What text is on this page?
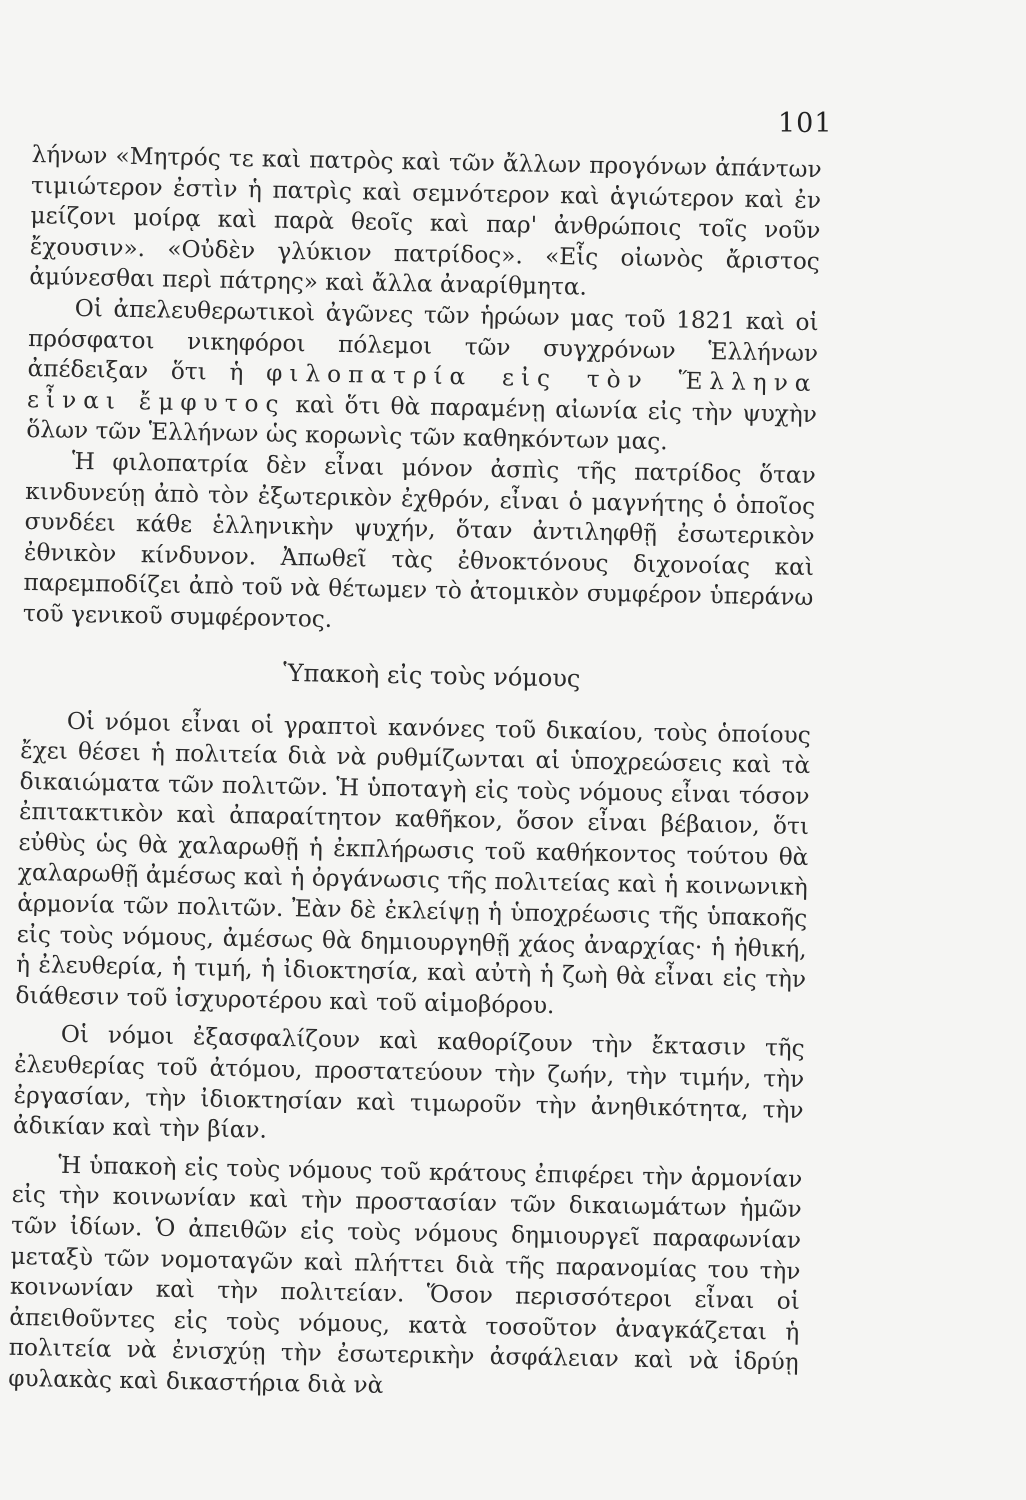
101

λήνων «Μητρός τε καὶ πατρὸς καὶ τῶν ἄλλων προγόνων ἀπάντων τιμιώτερον ἐστὶν ἡ πατρὶς καὶ σεμνότερον καὶ ἁγιώτερον καὶ ἐν μείζονι μοίρᾳ καὶ παρὰ θεοῖς καὶ παρ' ἀνθρώποις τοῖς νοῦν ἔχουσιν». «Οὐδὲν γλύκιον πατρίδος». «Εἷς οἰωνὸς ἄριστος ἀμύνεσθαι περὶ πάτρης» καὶ ἄλλα ἀναρίθμητα.

Οἱ ἀπελευθερωτικοὶ ἀγῶνες τῶν ἡρώων μας τοῦ 1821 καὶ οἱ πρόσφατοι νικηφόροι πόλεμοι τῶν συγχρόνων Ἑλλήνων ἀπέδειξαν ὅτι ἡ φιλοπατρία εἰς τὸν Ἕλληνα εἶναι ἔμφυτος καὶ ὅτι θὰ παραμένῃ αἰωνία εἰς τὴν ψυχὴν ὅλων τῶν Ἑλλήνων ὡς κορωνὶς τῶν καθηκόντων μας.

Ἡ φιλοπατρία δὲν εἶναι μόνον ἀσπὶς τῆς πατρίδος ὅταν κινδυνεύῃ ἀπὸ τὸν ἐξωτερικὸν ἐχθρόν, εἶναι ὁ μαγνήτης ὁ ὁποῖος συνδέει κάθε ἑλληνικὴν ψυχήν, ὅταν ἀντιληφθῇ ἐσωτερικὸν ἐθνικὸν κίνδυνον. Ἀπωθεῖ τὰς ἐθνοκτόνους διχονοίας καὶ παρεμποδίζει ἀπὸ τοῦ νὰ θέτωμεν τὸ ἀτομικὸν συμφέρον ὑπεράνω τοῦ γενικοῦ συμφέροντος.

Ὑπακοὴ εἰς τοὺς νόμους

Οἱ νόμοι εἶναι οἱ γραπτοὶ κανόνες τοῦ δικαίου, τοὺς ὁποίους ἔχει θέσει ἡ πολιτεία διὰ νὰ ρυθμίζωνται αἱ ὑποχρεώσεις καὶ τὰ δικαιώματα τῶν πολιτῶν. Ἡ ὑποταγὴ εἰς τοὺς νόμους εἶναι τόσον ἐπιτακτικὸν καὶ ἀπαραίτητον καθῆκον, ὅσον εἶναι βέβαιον, ὅτι εὐθὺς ὡς θὰ χαλαρωθῇ ἡ ἐκπλήρωσις τοῦ καθήκοντος τούτου θὰ χαλαρωθῇ ἀμέσως καὶ ἡ ὀργάνωσις τῆς πολιτείας καὶ ἡ κοινωνικὴ ἁρμονία τῶν πολιτῶν. Ἐὰν δὲ ἐκλείψῃ ἡ ὑποχρέωσις τῆς ὑπακοῆς εἰς τοὺς νόμους, ἀμέσως θὰ δημιουργηθῇ χάος ἀναρχίας· ἡ ἠθική, ἡ ἐλευθερία, ἡ τιμή, ἡ ἰδιοκτησία, καὶ αὐτὴ ἡ ζωὴ θὰ εἶναι εἰς τὴν διάθεσιν τοῦ ἰσχυροτέρου καὶ τοῦ αἱμοβόρου.

Οἱ νόμοι ἐξασφαλίζουν καὶ καθορίζουν τὴν ἔκτασιν τῆς ἐλευθερίας τοῦ ἀτόμου, προστατεύουν τὴν ζωήν, τὴν τιμήν, τὴν ἐργασίαν, τὴν ἰδιοκτησίαν καὶ τιμωροῦν τὴν ἀνηθικότητα, τὴν ἀδικίαν καὶ τὴν βίαν.

Ἡ ὑπακοὴ εἰς τοὺς νόμους τοῦ κράτους ἐπιφέρει τὴν ἁρμονίαν εἰς τὴν κοινωνίαν καὶ τὴν προστασίαν τῶν δικαιωμάτων ἡμῶν τῶν ἰδίων. Ὁ ἀπειθῶν εἰς τοὺς νόμους δημιουργεῖ παραφωνίαν μεταξὺ τῶν νομοταγῶν καὶ πλήττει διὰ τῆς παρανομίας του τὴν κοινωνίαν καὶ τὴν πολιτείαν. Ὅσον περισσότεροι εἶναι οἱ ἀπειθοῦντες εἰς τοὺς νόμους, κατὰ τοσοῦτον ἀναγκάζεται ἡ πολιτεία νὰ ἐνισχύῃ τὴν ἐσωτερικὴν ἀσφάλειαν καὶ νὰ ἱδρύῃ φυλακὰς καὶ δικαστήρια διὰ νὰ
